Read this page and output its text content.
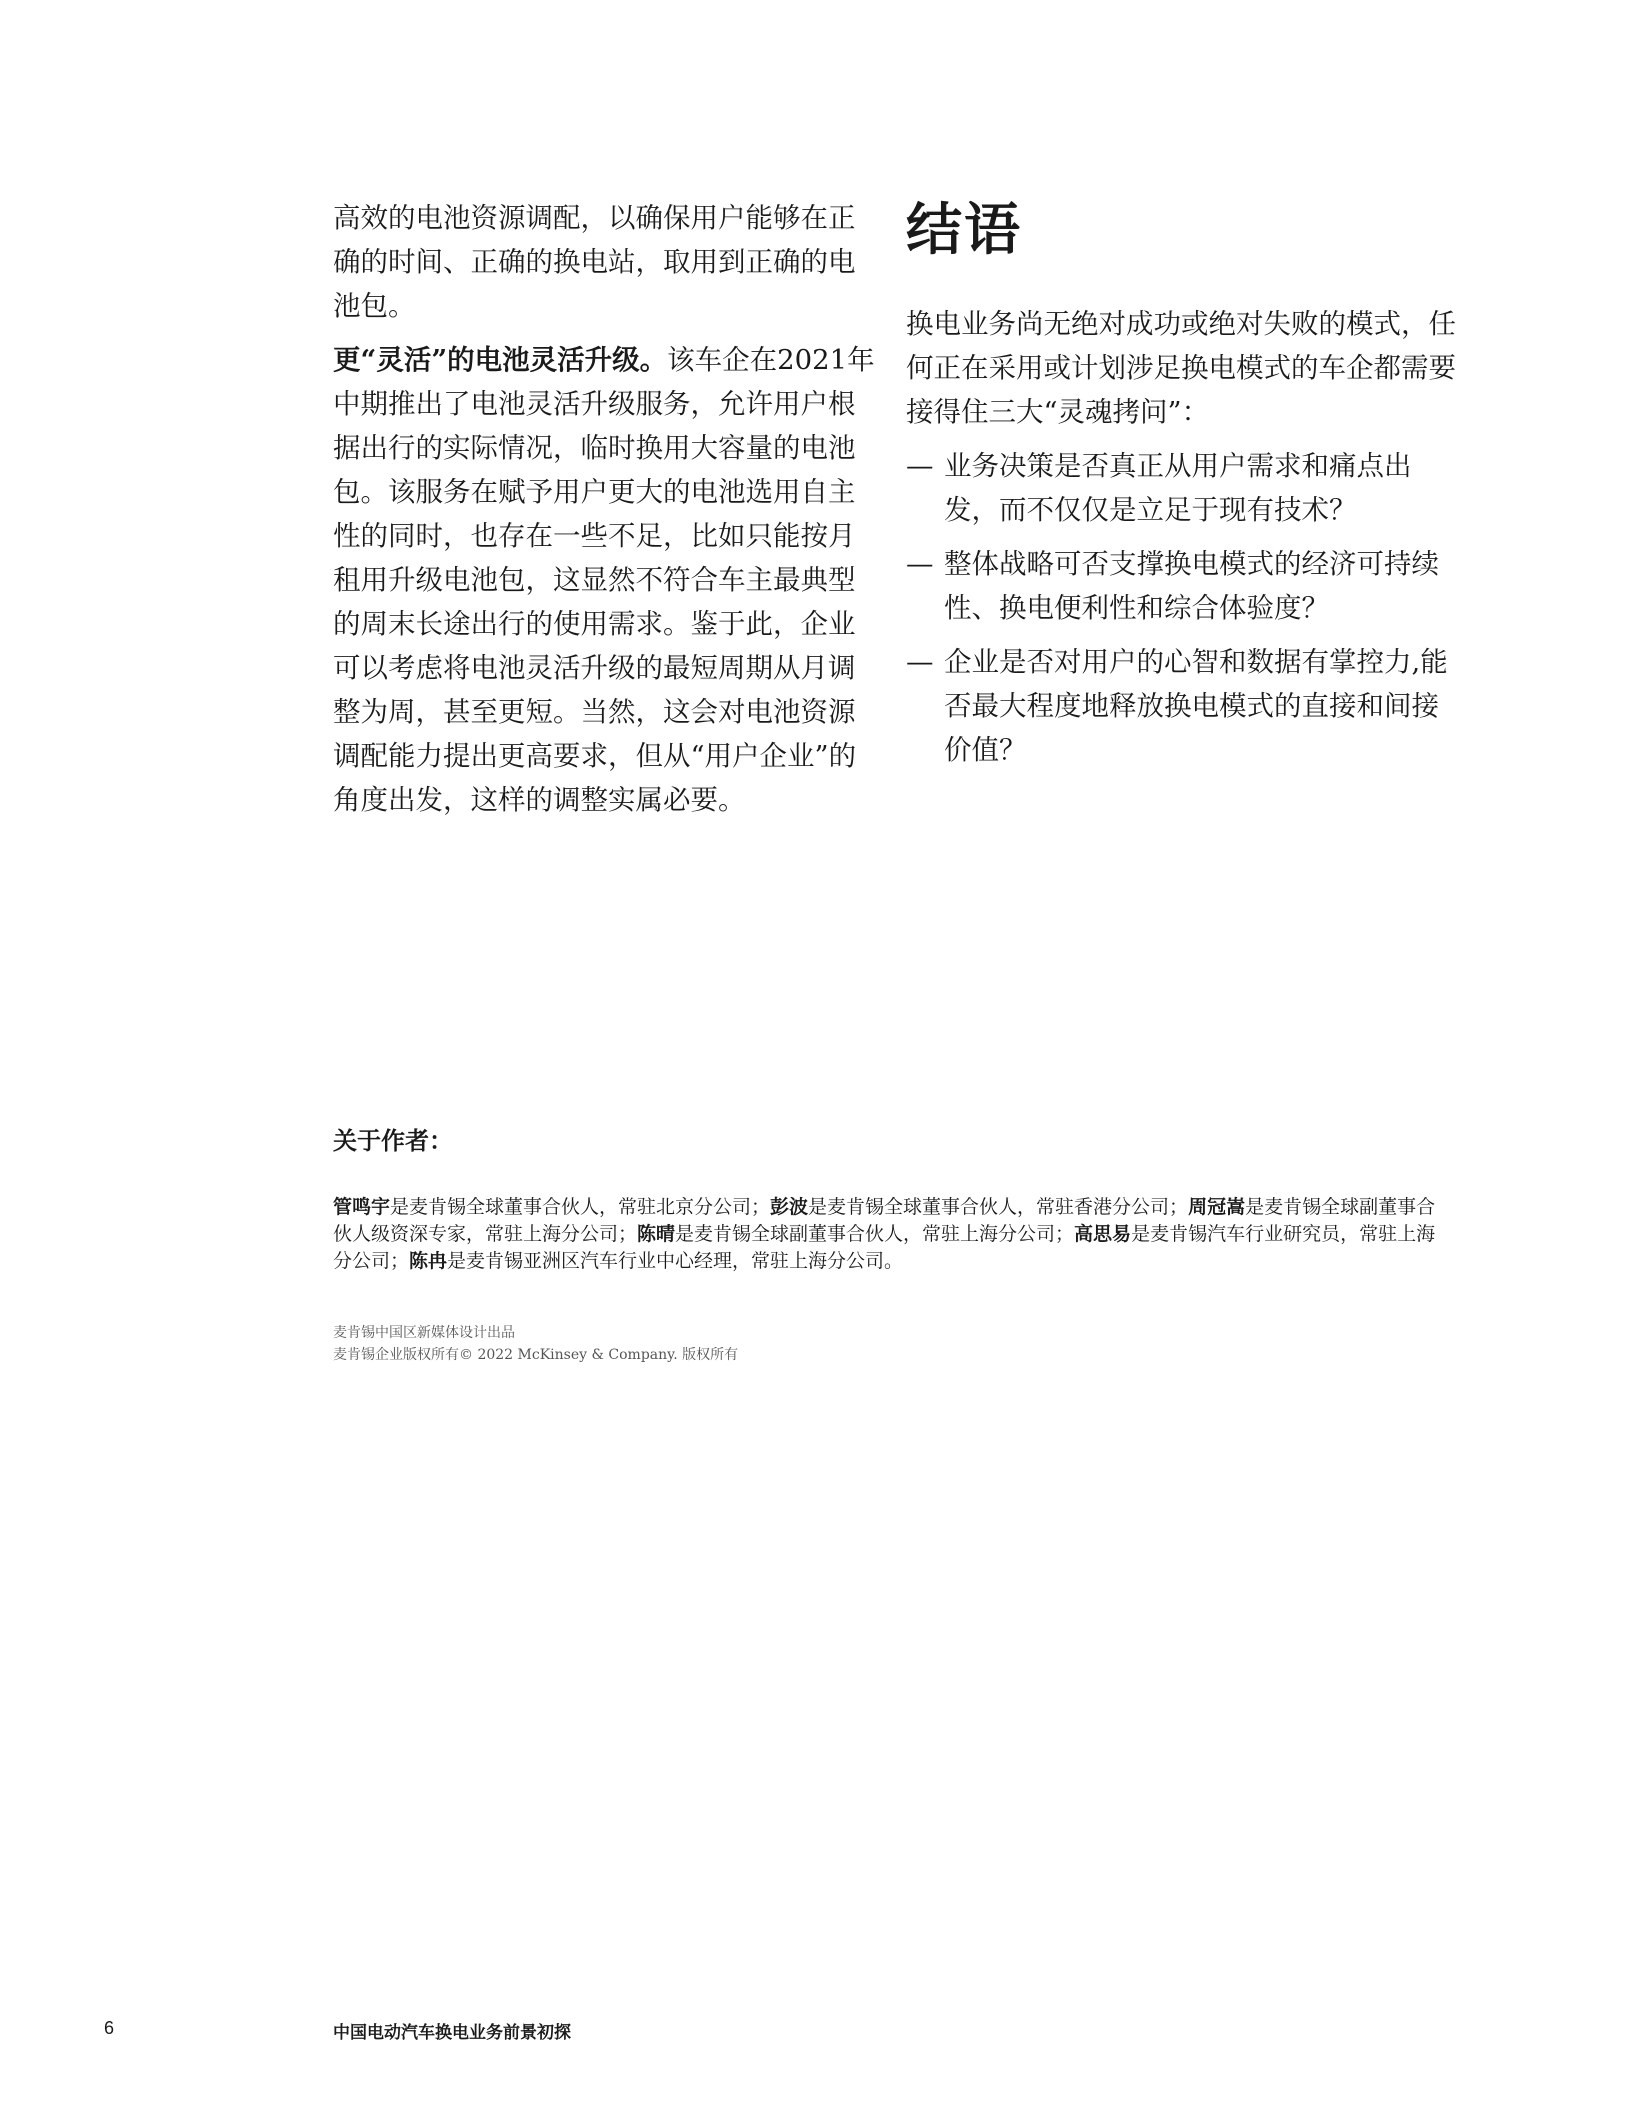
高效的电池资源调配，以确保用户能够在正确的时间、正确的换电站，取用到正确的电池包。

更“灵活”的电池灵活升级。该车企在2021年中期推出了电池灵活升级服务，允许用户根据出行的实际情况，临时换用大容量的电池包。该服务在赋予用户更大的电池选用自主性的同时，也存在一些不足，比如只能按月租用升级电池包，这显然不符合车主最典型的周末长途出行的使用需求。鉴于此，企业可以考虑将电池灵活升级的最短周期从月调整为周，甚至更短。当然，这会对电池资源调配能力提出更高要求，但从“用户企业”的角度出发，这样的调整实属必要。

结语

换电业务尚无绝对成功或绝对失败的模式，任何正在采用或计划涉足换电模式的车企都需要接得住三大“灵魂拷问”：

— 业务决策是否真正从用户需求和痛点出发，而不仅仅是立足于现有技术？
— 整体战略可否支撑换电模式的经济可持续性、换电便利性和综合体验度？
— 企业是否对用户的心智和数据有掌控力,能否最大程度地释放换电模式的直接和间接价值？
关于作者：

管鸣宇是麦肯锡全球董事合伙人，常驻北京分公司；彭波是麦肯锡全球董事合伙人，常驻香港分公司；周冠嵩是麦肯锡全球副董事合伙人级资深专家，常驻上海分公司；陈晴是麦肯锡全球副董事合伙人，常驻上海分公司；高思易是麦肯锡汽车行业研究员，常驻上海分公司；陈冉是麦肯锡亚洲区汽车行业中心经理，常驻上海分公司。

麦肯锡中国区新媒体设计出品
麦肯锡企业版权所有© 2022 McKinsey & Company. 版权所有
6	中国电动汽车换电业务前景初探
